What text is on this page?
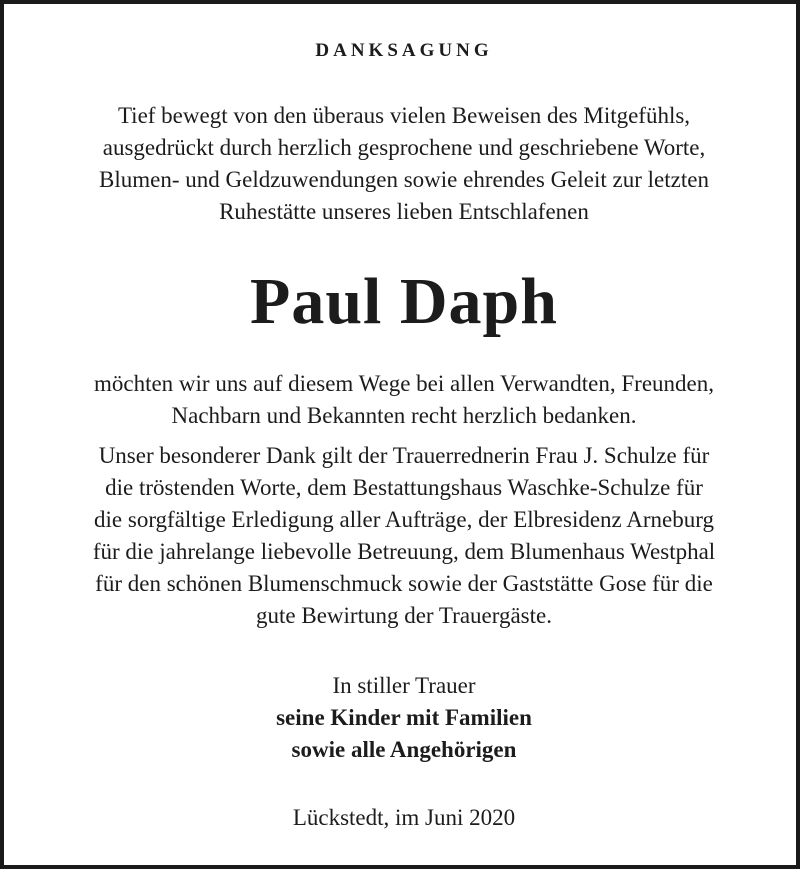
DANKSAGUNG

Tief bewegt von den überaus vielen Beweisen des Mitgefühls,
ausgedrückt durch herzlich gesprochene und geschriebene Worte,
Blumen- und Geldzuwendungen sowie ehrendes Geleit zur letzten
Ruhestätte unseres lieben Entschlafenen

Paul Daph

möchten wir uns auf diesem Wege bei allen Verwandten, Freunden,
Nachbarn und Bekannten recht herzlich bedanken.

Unser besonderer Dank gilt der Trauerrednerin Frau J. Schulze für
die tröstenden Worte, dem Bestattungshaus Waschke-Schulze für
die sorgfältige Erledigung aller Aufträge, der Elbresidenz Arneburg
für die jahrelange liebevolle Betreuung, dem Blumenhaus Westphal
für den schönen Blumenschmuck sowie der Gaststätte Gose für die
gute Bewirtung der Trauergäste.

In stiller Trauer
seine Kinder mit Familien
sowie alle Angehörigen

Lückstedt, im Juni 2020
